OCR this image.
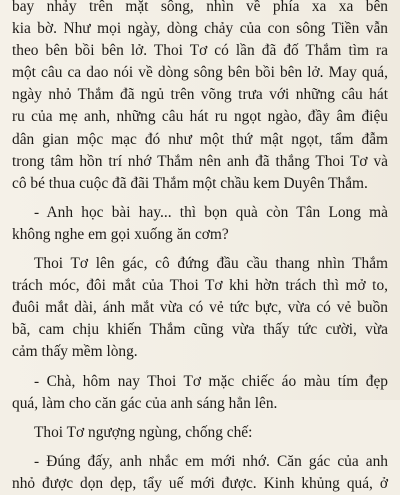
bay nhảy trên mặt sông, nhìn về phía xa xa bên
kia bờ. Như mọi ngày, dòng chảy của con sông Tiền vẫn
theo bên bồi bên lở. Thoi Tơ có lần đã đố Thắm tìm ra
một câu ca dao nói về dòng sông bên bồi bên lở. May quá,
ngày nhỏ Thắm đã ngủ trên võng trưa với những câu hát
ru của mẹ anh, những câu hát ru ngọt ngào, đầy âm điệu
dân gian mộc mạc đó như một thứ mật ngọt, tẩm đẫm
trong tâm hồn trí nhớ Thắm nên anh đã thắng Thoi Tơ và
cô bé thua cuộc đã đãi Thắm một chầu kem Duyên Thắm.
- Anh học bài hay... thì bọn quà còn Tân Long mà
không nghe em gọi xuống ăn cơm?
Thoi Tơ lên gác, cô đứng đầu cầu thang nhìn Thắm
trách móc, đôi mắt của Thoi Tơ khi hờn trách thì mở to,
đuôi mắt dài, ánh mắt vừa có vẻ tức bực, vừa có vẻ buồn
bã, cam chịu khiến Thắm cũng vừa thấy tức cười, vừa
cảm thấy mềm lòng.
- Chà, hôm nay Thoi Tơ mặc chiếc áo màu tím đẹp
quá, làm cho căn gác của anh sáng hẳn lên.
Thoi Tơ ngượng ngùng, chống chế:
- Đúng đấy, anh nhắc em mới nhớ. Căn gác của anh
nhỏ được dọn dẹp, tẩy uế mới được. Kinh khủng quá, ở
